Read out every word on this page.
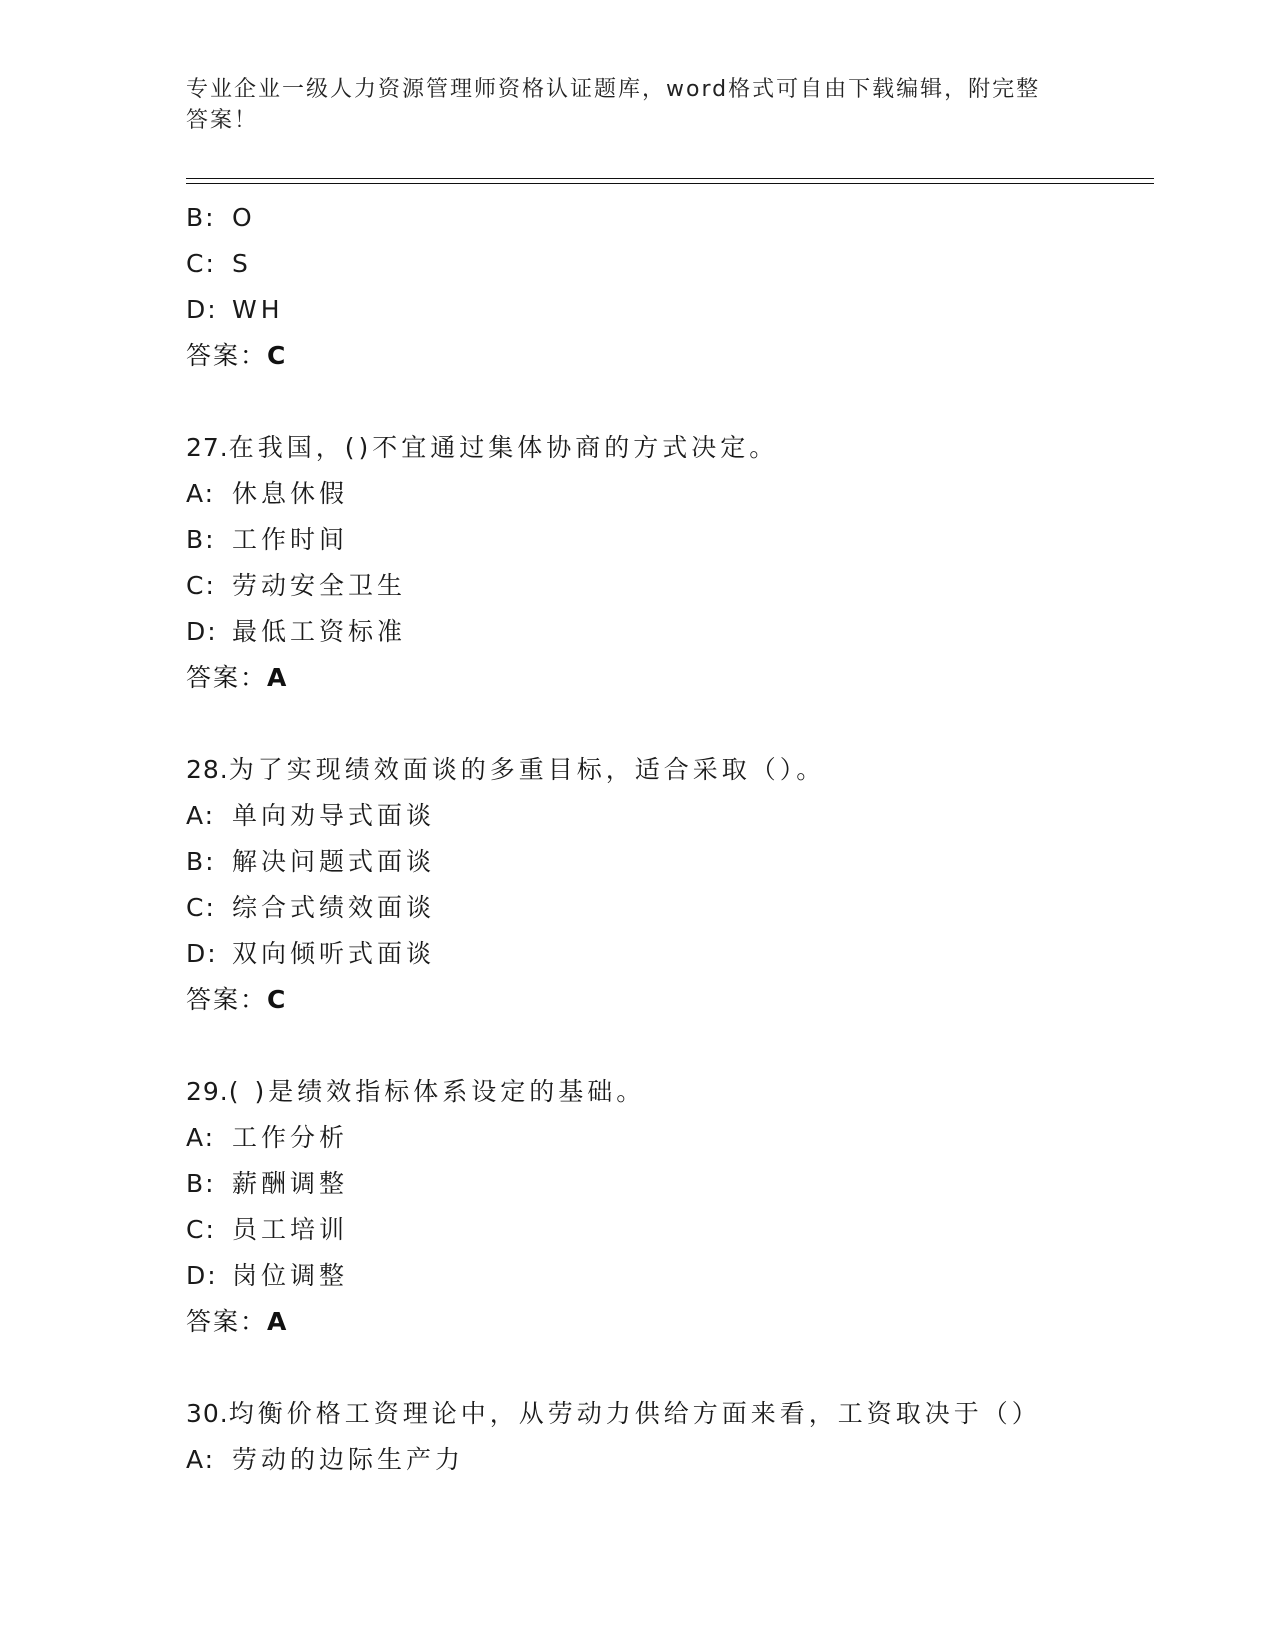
专业企业一级人力资源管理师资格认证题库，word格式可自由下载编辑，附完整
答案！
B: O
C: S
D: WH
答案：C
27.在我国，()不宜通过集体协商的方式决定。
A: 休息休假
B: 工作时间
C: 劳动安全卫生
D: 最低工资标准
答案：A
28.为了实现绩效面谈的多重目标，适合采取（）。
A: 单向劝导式面谈
B: 解决问题式面谈
C: 综合式绩效面谈
D: 双向倾听式面谈
答案：C
29.( )是绩效指标体系设定的基础。
A: 工作分析
B: 薪酬调整
C: 员工培训
D: 岗位调整
答案：A
30.均衡价格工资理论中，从劳动力供给方面来看，工资取决于（）
A: 劳动的边际生产力
